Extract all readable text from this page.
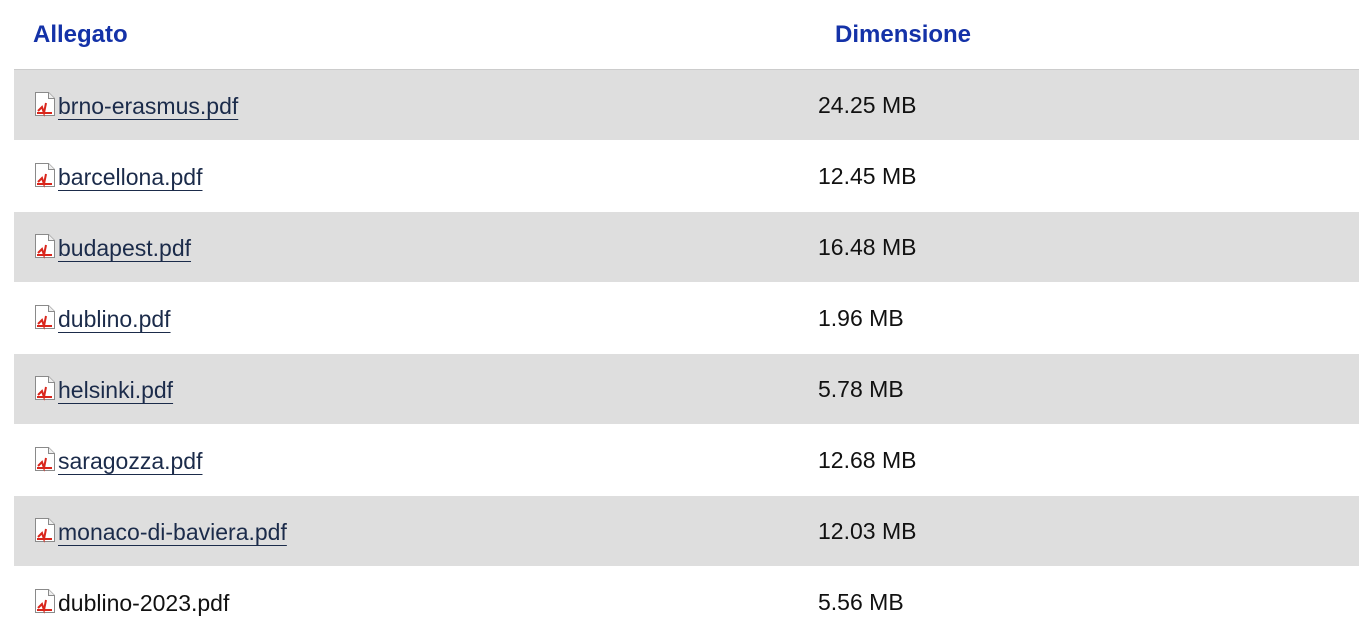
Allegato	Dimensione

brno-erasmus.pdf	24.25 MB

barcellona.pdf	12.45 MB

budapest.pdf	16.48 MB

dublino.pdf	1.96 MB

helsinki.pdf	5.78 MB

saragozza.pdf	12.68 MB

monaco-di-baviera.pdf	12.03 MB

dublino-2023.pdf	5.56 MB
